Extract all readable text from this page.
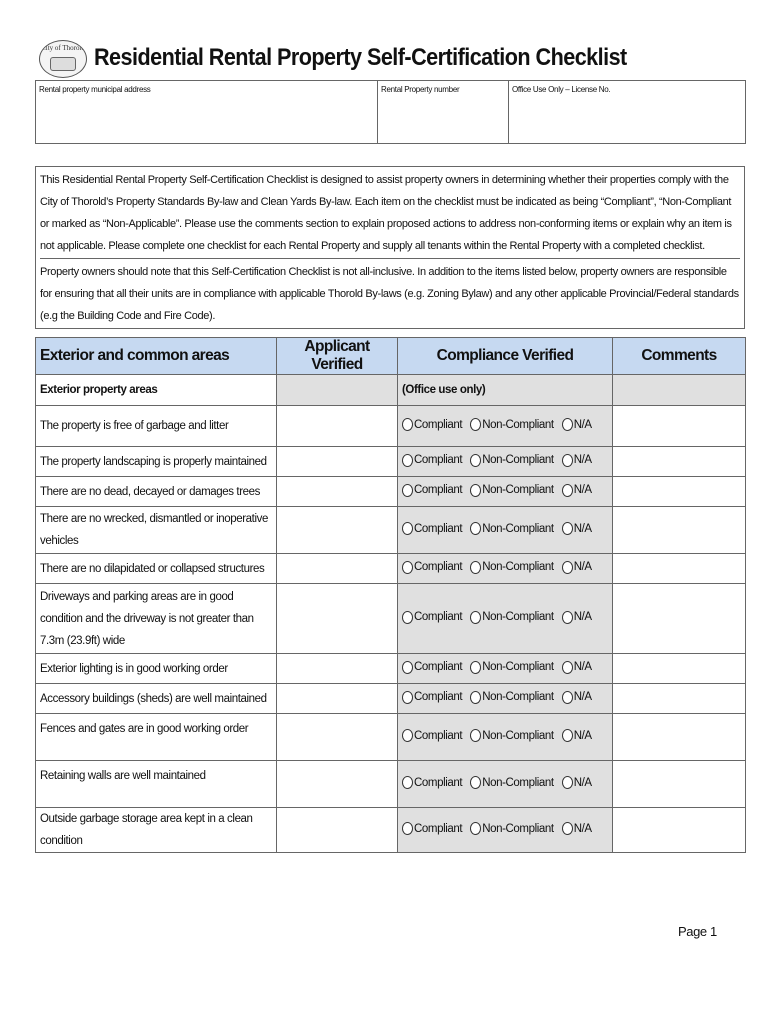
City of Thorold Residential Rental Property Self-Certification Checklist
Rental property municipal address	Rental Property number	Office Use Only – License No.

This Residential Rental Property Self-Certification Checklist is designed to assist property owners in determining whether their properties comply with the City of Thorold’s Property Standards By-law and Clean Yards By-law. Each item on the checklist must be indicated as being “Compliant”, “Non-Compliant or marked as “Non-Applicable”. Please use the comments section to explain proposed actions to address non-conforming items or explain why an item is not applicable. Please complete one checklist for each Rental Property and supply all tenants within the Rental Property with a completed checklist.

Property owners should note that this Self-Certification Checklist is not all-inclusive. In addition to the items listed below, property owners are responsible for ensuring that all their units are in compliance with applicable Thorold By-laws (e.g. Zoning Bylaw) and any other applicable Provincial/Federal standards (e.g the Building Code and Fire Code).

Exterior and common areas	Applicant Verified	Compliance Verified	Comments
Exterior property areas		(Office use only)	
The property is free of garbage and litter		Compliant Non-Compliant N/A	

The property landscaping is properly maintained		Compliant Non-Compliant N/A	

There are no dead, decayed or damages trees		Compliant Non-Compliant N/A	

There are no wrecked, dismantled or inoperative vehicles		Compliant Non-Compliant N/A	

There are no dilapidated or collapsed structures		Compliant Non-Compliant N/A	

Driveways and parking areas are in good condition and the driveway is not greater than 7.3m (23.9ft) wide		Compliant Non-Compliant N/A	

Exterior lighting is in good working order		Compliant Non-Compliant N/A	

Accessory buildings (sheds) are well maintained		Compliant Non-Compliant N/A	

Fences and gates are in good working order		Compliant Non-Compliant N/A	

Retaining walls are well maintained		Compliant Non-Compliant N/A	

Outside garbage storage area kept in a clean condition		Compliant Non-Compliant N/A	

Page 1
